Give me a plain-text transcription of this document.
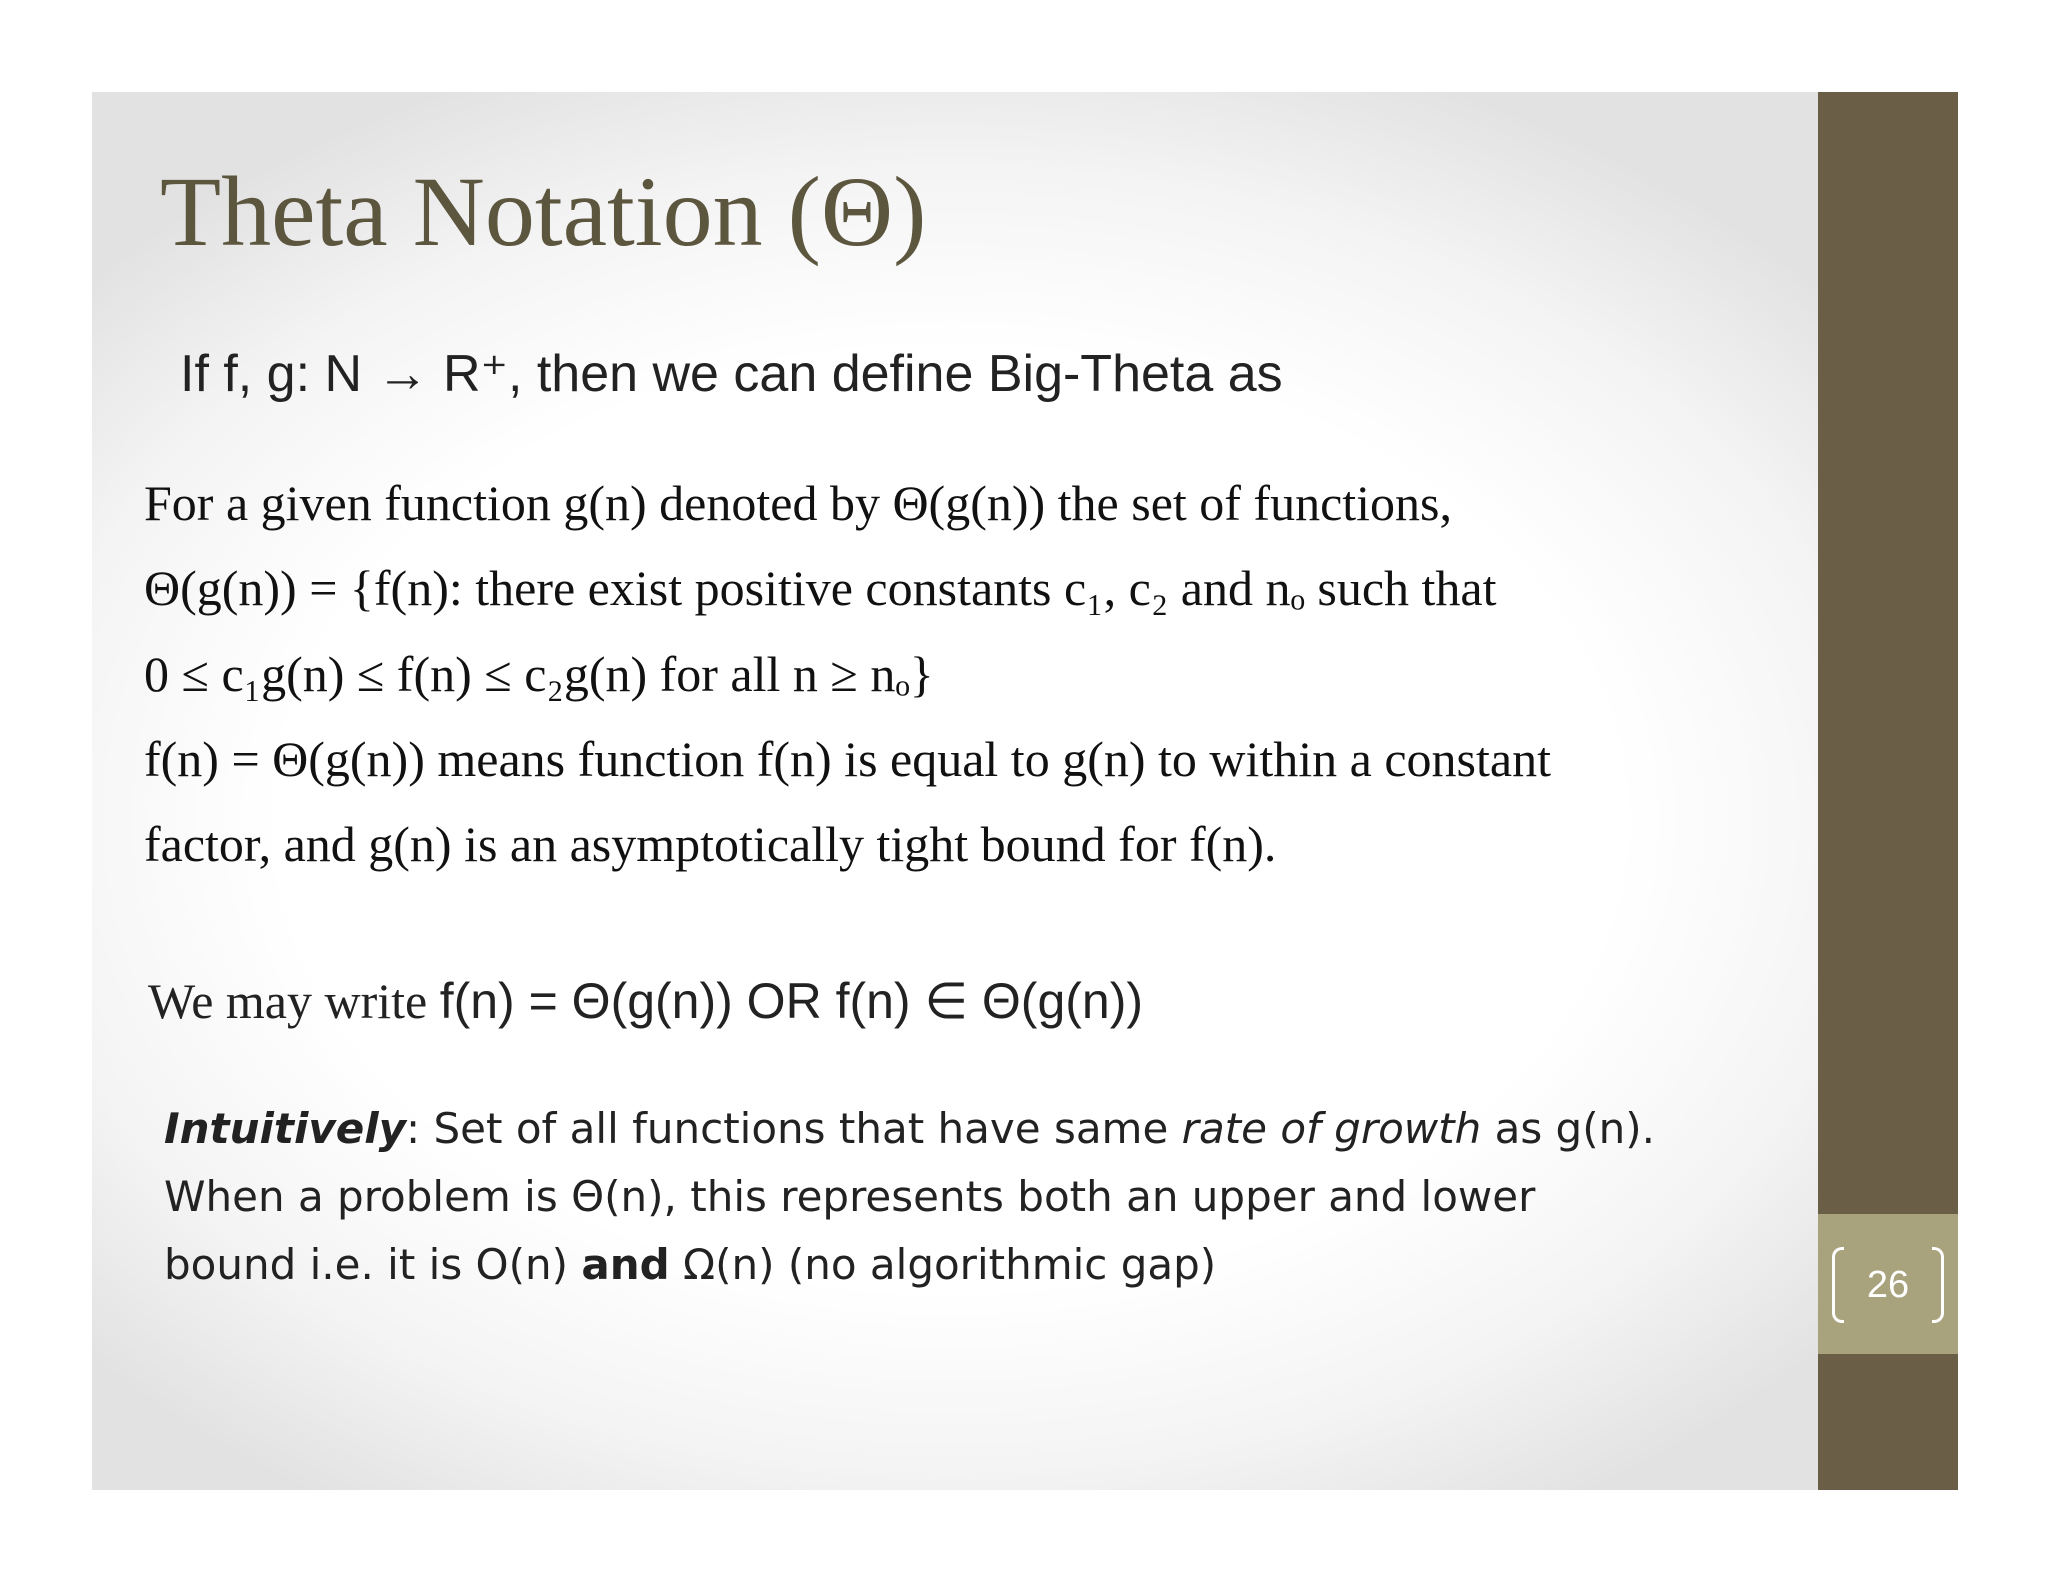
Theta Notation (Θ)
If f, g: N → R⁺, then we can define Big-Theta as
For a given function g(n) denoted by Θ(g(n)) the set of functions,
Θ(g(n)) = {f(n): there exist positive constants c₁, c₂ and nₒ such that
0 ≤ c₁g(n) ≤ f(n) ≤ c₂g(n) for all n ≥ nₒ}
f(n) = Θ(g(n)) means function f(n) is equal to g(n) to within a constant
factor, and g(n) is an asymptotically tight bound for f(n).
We may write f(n) = Θ(g(n)) OR f(n) ∈ Θ(g(n))
Intuitively: Set of all functions that have same rate of growth as g(n).
When a problem is Θ(n), this represents both an upper and lower
bound i.e. it is O(n) and Ω(n) (no algorithmic gap)	26
